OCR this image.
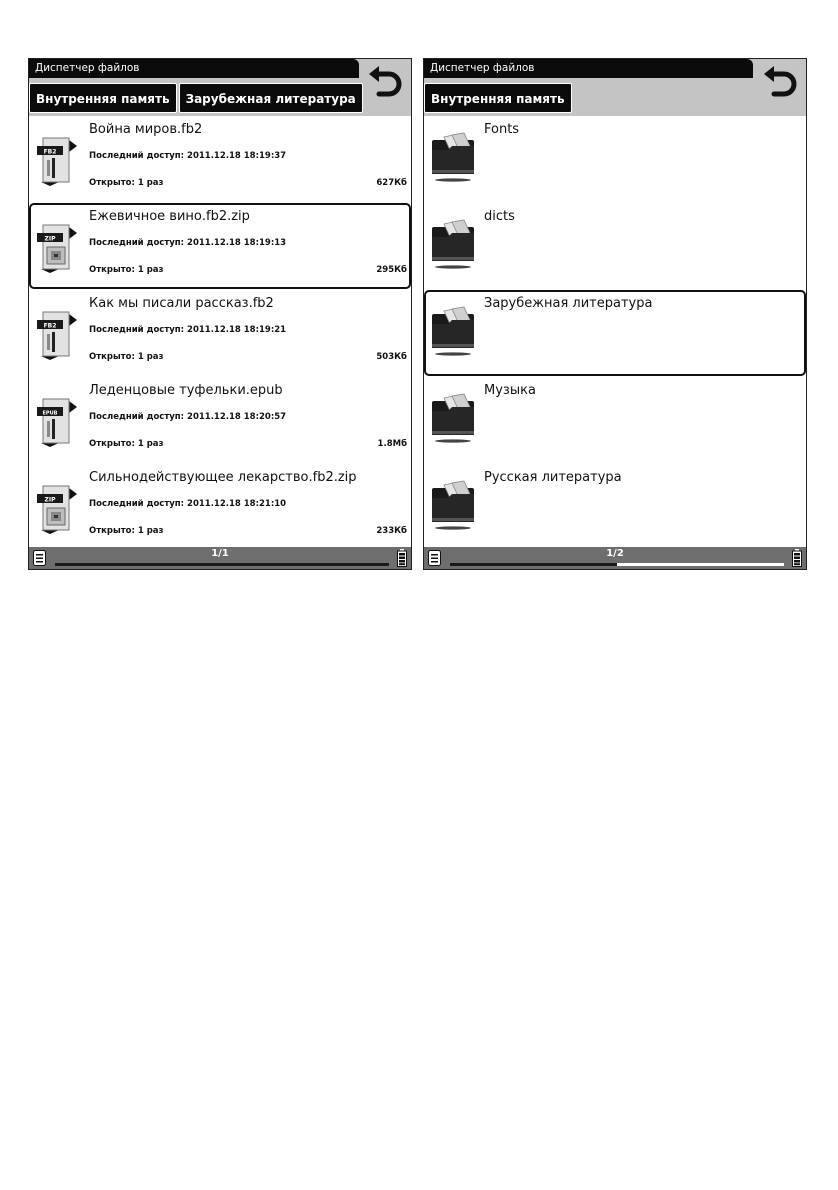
Диспетчер файлов
Внутренняя память	Зарубежная литература
FB2
Война миров.fb2
Последний доступ: 2011.12.18 18:19:37
Открыто: 1 раз	627Кб
ZIP
Ежевичное вино.fb2.zip
Последний доступ: 2011.12.18 18:19:13
Открыто: 1 раз	295Кб
FB2
Как мы писали рассказ.fb2
Последний доступ: 2011.12.18 18:19:21
Открыто: 1 раз	503Кб
EPUB
Леденцовые туфельки.epub
Последний доступ: 2011.12.18 18:20:57
Открыто: 1 раз	1.8Мб
ZIP
Сильнодействующее лекарство.fb2.zip
Последний доступ: 2011.12.18 18:21:10
Открыто: 1 раз	233Кб
1/1
Диспетчер файлов
Внутренняя память
Fonts
dicts
Зарубежная литература
Музыка
Русская литература
1/2
